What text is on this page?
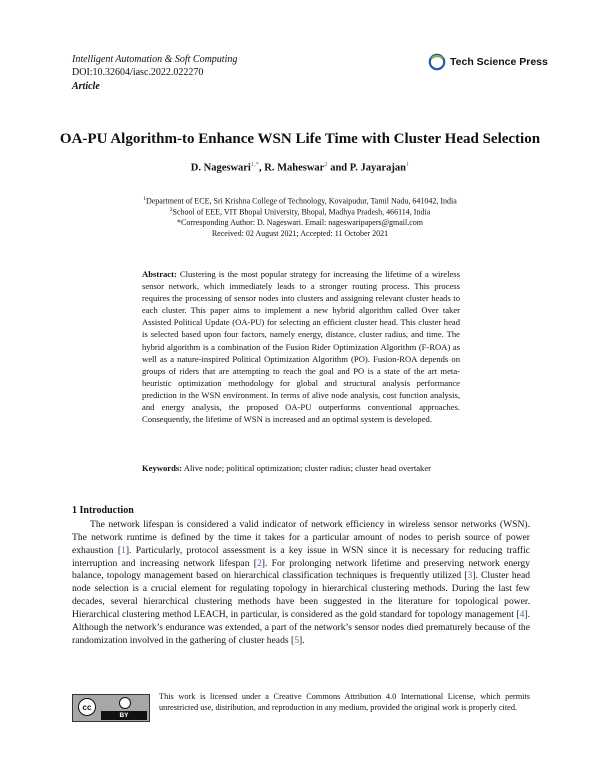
Intelligent Automation & Soft Computing
DOI:10.32604/iasc.2022.022270
Article
Tech Science Press
OA-PU Algorithm-to Enhance WSN Life Time with Cluster Head Selection
D. Nageswari$^{1,*}$, R. Maheswar$^2$ and P. Jayarajan$^1$
$^1$Department of ECE, Sri Krishna College of Technology, Kovaipudur, Tamil Nadu, 641042, India
$^2$School of EEE, VIT Bhopal University, Bhopal, Madhya Pradesh, 466114, India
*Corresponding Author: D. Nageswari. Email: nageswaripapers@gmail.com
Received: 02 August 2021; Accepted: 11 October 2021
Abstract: Clustering is the most popular strategy for increasing the lifetime of a wireless sensor network, which immediately leads to a stronger routing process. This process requires the processing of sensor nodes into clusters and assigning relevant cluster heads to each cluster. This paper aims to implement a new hybrid algorithm called Over taker Assisted Political Update (OA-PU) for selecting an efficient cluster head. This cluster head is selected based upon four factors, namely energy, distance, cluster radius, and time. The hybrid algorithm is a combination of the Fusion Rider Optimization Algorithm (F-ROA) as well as a nature-inspired Political Optimization Algorithm (PO). Fusion-ROA depends on groups of riders that are attempting to reach the goal and PO is a state of the art meta-heuristic optimization methodology for global and structural analysis performance prediction in the WSN environment. In terms of alive node analysis, cost function analysis, and energy analysis, the proposed OA-PU outperforms conventional approaches. Consequently, the lifetime of WSN is increased and an optimal system is developed.
Keywords: Alive node; political optimization; cluster radius; cluster head overtaker
1 Introduction
The network lifespan is considered a valid indicator of network efficiency in wireless sensor networks (WSN). The network runtime is defined by the time it takes for a particular amount of nodes to perish source of power exhaustion [1]. Particularly, protocol assessment is a key issue in WSN since it is necessary for reducing traffic interruption and increasing network lifespan [2]. For prolonging network lifetime and preserving network energy balance, topology management based on hierarchical classification techniques is frequently utilized [3]. Cluster head node selection is a crucial element for regulating topology in hierarchical clustering methods. During the last few decades, several hierarchical clustering methods have been suggested in the literature for topological power. Hierarchical clustering method LEACH, in particular, is considered as the gold standard for topology management [4]. Although the network’s endurance was extended, a part of the network’s sensor nodes died prematurely because of the randomization involved in the gathering of cluster heads [5].
cc
BY
This work is licensed under a Creative Commons Attribution 4.0 International License, which permits unrestricted use, distribution, and reproduction in any medium, provided the original work is properly cited.
